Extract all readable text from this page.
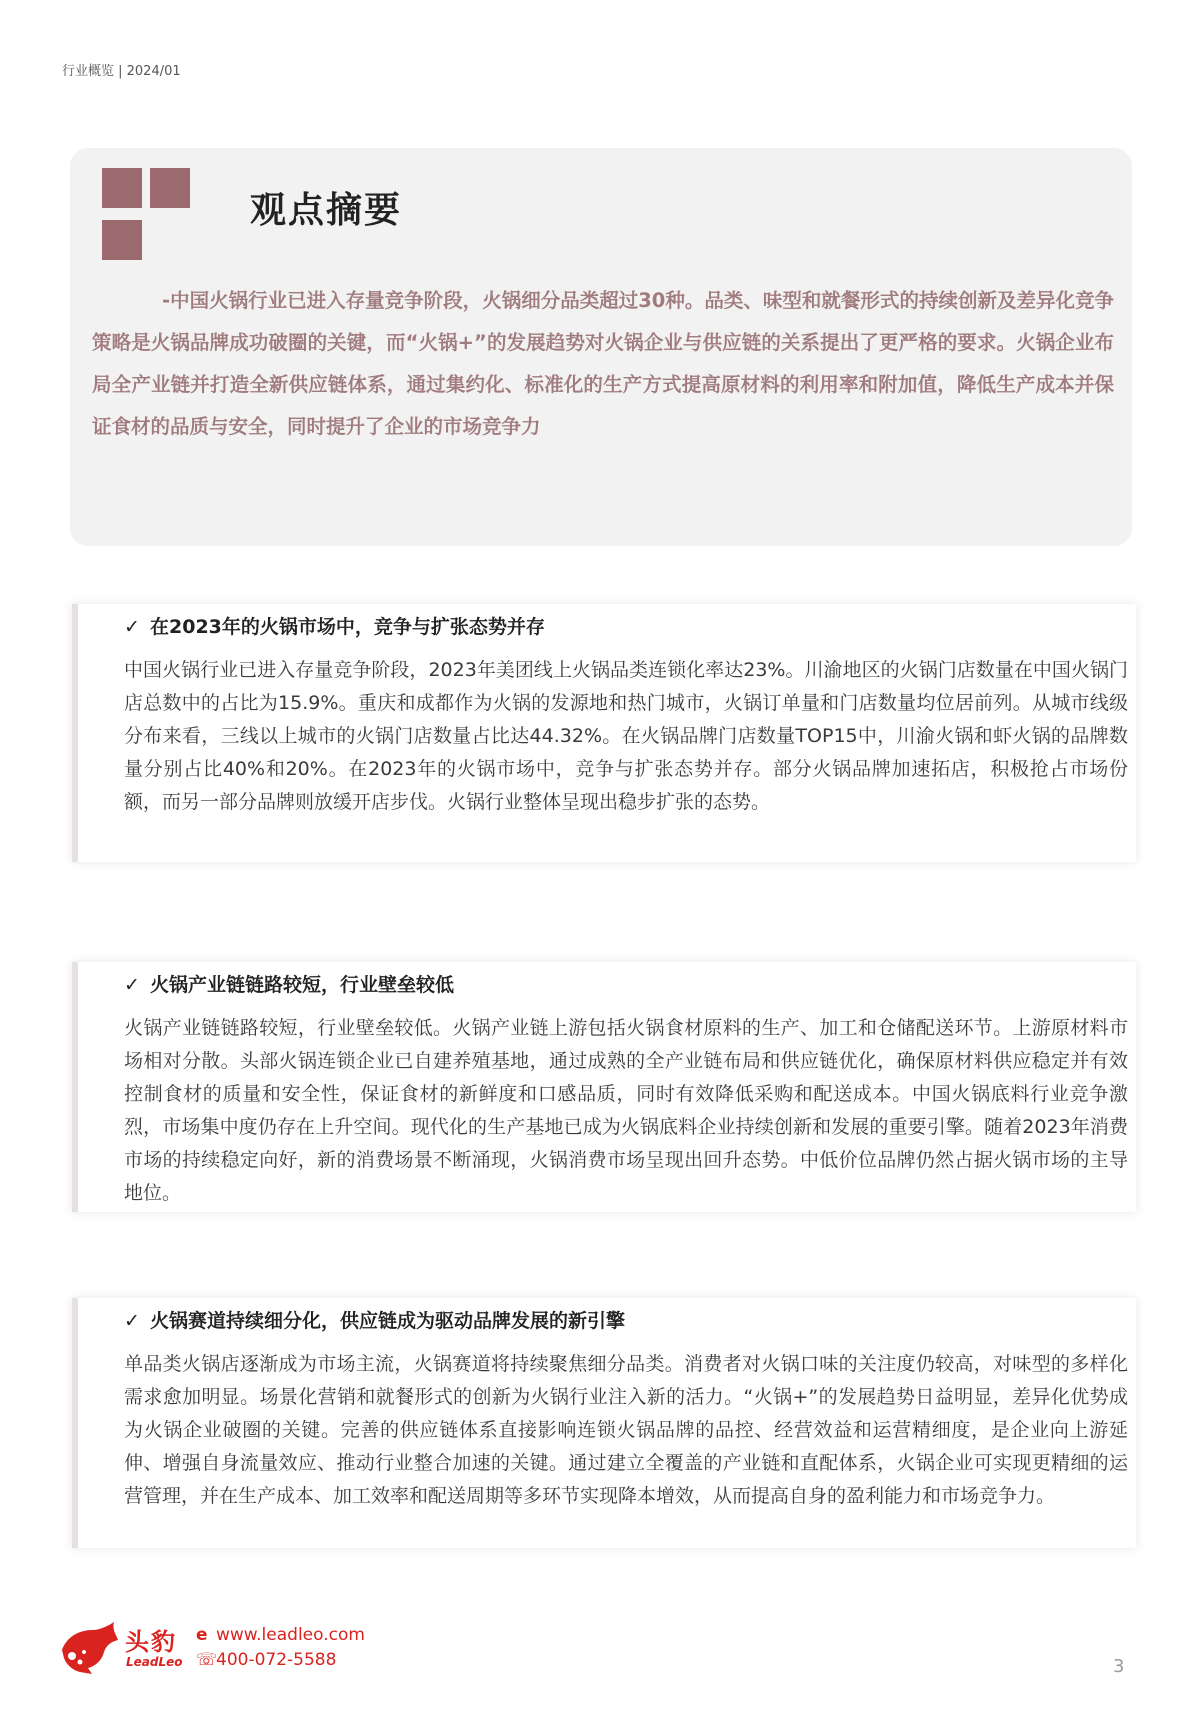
行业概览 | 2024/01
观点摘要

-中国火锅行业已进入存量竞争阶段，火锅细分品类超过30种。品类、味型和就餐形式的持续创新及差异化竞争策略是火锅品牌成功破圈的关键，而“火锅+”的发展趋势对火锅企业与供应链的关系提出了更严格的要求。火锅企业布局全产业链并打造全新供应链体系，通过集约化、标准化的生产方式提高原材料的利用率和附加值，降低生产成本并保证食材的品质与安全，同时提升了企业的市场竞争力

✓ 在2023年的火锅市场中，竞争与扩张态势并存

中国火锅行业已进入存量竞争阶段，2023年美团线上火锅品类连锁化率达23%。川渝地区的火锅门店数量在中国火锅门店总数中的占比为15.9%。重庆和成都作为火锅的发源地和热门城市，火锅订单量和门店数量均位居前列。从城市线级分布来看，三线以上城市的火锅门店数量占比达44.32%。在火锅品牌门店数量TOP15中，川渝火锅和虾火锅的品牌数量分别占比40%和20%。在2023年的火锅市场中，竞争与扩张态势并存。部分火锅品牌加速拓店，积极抢占市场份额，而另一部分品牌则放缓开店步伐。火锅行业整体呈现出稳步扩张的态势。

✓ 火锅产业链链路较短，行业壁垒较低

火锅产业链链路较短，行业壁垒较低。火锅产业链上游包括火锅食材原料的生产、加工和仓储配送环节。上游原材料市场相对分散。头部火锅连锁企业已自建养殖基地，通过成熟的全产业链布局和供应链优化，确保原材料供应稳定并有效控制食材的质量和安全性，保证食材的新鲜度和口感品质，同时有效降低采购和配送成本。中国火锅底料行业竞争激烈，市场集中度仍存在上升空间。现代化的生产基地已成为火锅底料企业持续创新和发展的重要引擎。随着2023年消费市场的持续稳定向好，新的消费场景不断涌现，火锅消费市场呈现出回升态势。中低价位品牌仍然占据火锅市场的主导地位。

✓ 火锅赛道持续细分化，供应链成为驱动品牌发展的新引擎

单品类火锅店逐渐成为市场主流，火锅赛道将持续聚焦细分品类。消费者对火锅口味的关注度仍较高，对味型的多样化需求愈加明显。场景化营销和就餐形式的创新为火锅行业注入新的活力。“火锅+”的发展趋势日益明显，差异化优势成为火锅企业破圈的关键。完善的供应链体系直接影响连锁火锅品牌的品控、经营效益和运营精细度，是企业向上游延伸、增强自身流量效应、推动行业整合加速的关键。通过建立全覆盖的产业链和直配体系，火锅企业可实现更精细的运营管理，并在生产成本、加工效率和配送周期等多环节实现降本增效，从而提高自身的盈利能力和市场竞争力。

头豹
LeadLeo
e www.leadleo.com
☏400-072-5588	3
